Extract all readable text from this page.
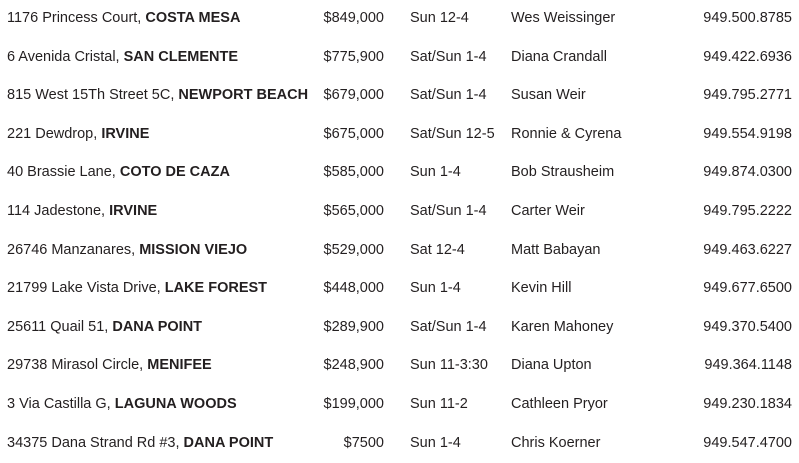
1176 Princess Court, COSTA MESA	$849,000 Sun 12-4	Wes Weissinger	949.500.8785
6 Avenida Cristal, SAN CLEMENTE	$775,900 Sat/Sun 1-4 Diana Crandall	949.422.6936
815 West 15Th Street 5C, NEWPORT BEACH $679,000 Sat/Sun 1-4 Susan Weir	949.795.2771
221 Dewdrop, IRVINE	$675,000 Sat/Sun 12-5 Ronnie & Cyrena	949.554.9198
40 Brassie Lane, COTO DE CAZA	$585,000 Sun 1-4	Bob Strausheim	949.874.0300
114 Jadestone, IRVINE	$565,000 Sat/Sun 1-4 Carter Weir	949.795.2222
26746 Manzanares, MISSION VIEJO	$529,000 Sat 12-4	Matt Babayan	949.463.6227
21799 Lake Vista Drive, LAKE FOREST	$448,000 Sun 1-4	Kevin Hill	949.677.6500
25611 Quail 51, DANA POINT	$289,900 Sat/Sun 1-4 Karen Mahoney	949.370.5400
29738 Mirasol Circle, MENIFEE	$248,900 Sun 11-3:30 Diana Upton	949.364.1148
3 Via Castilla G, LAGUNA WOODS	$199,000 Sun 11-2	Cathleen Pryor	949.230.1834
34375 Dana Strand Rd #3, DANA POINT	$7500 Sun 1-4	Chris Koerner	949.547.4700
